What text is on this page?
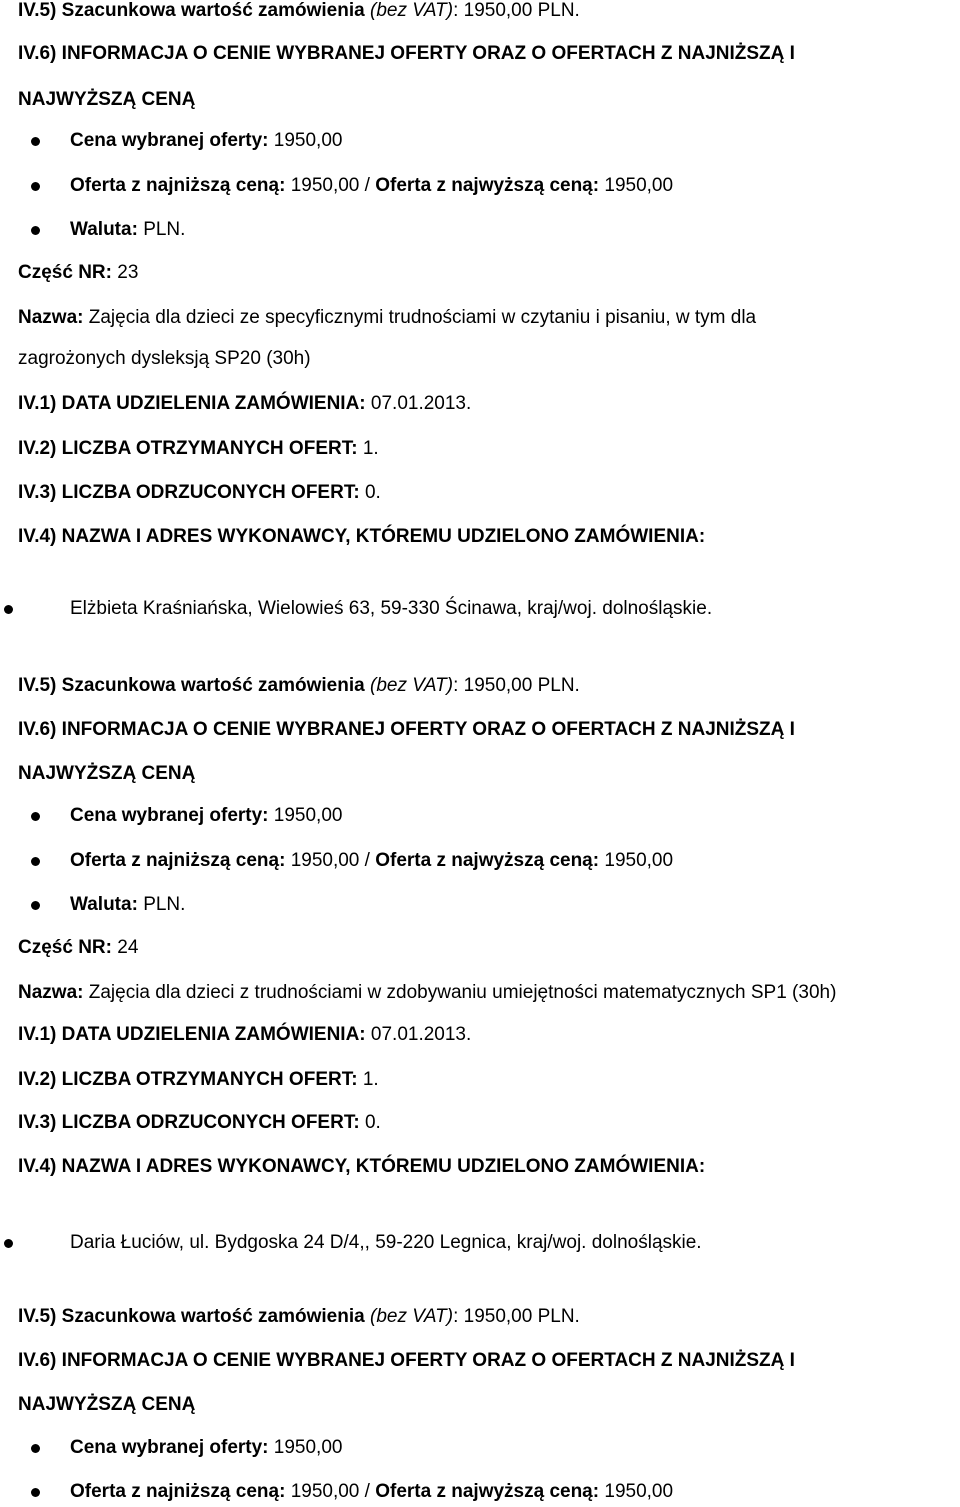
IV.5) Szacunkowa wartość zamówienia (bez VAT): 1950,00 PLN.
IV.6) INFORMACJA O CENIE WYBRANEJ OFERTY ORAZ O OFERTACH Z NAJNIŻSZĄ I
NAJWYŻSZĄ CENĄ
Cena wybranej oferty: 1950,00
Oferta z najniższą ceną: 1950,00 / Oferta z najwyższą ceną: 1950,00
Waluta: PLN.
Część NR: 23
Nazwa: Zajęcia dla dzieci ze specyficznymi trudnościami w czytaniu i pisaniu, w tym dla
zagrożonych dysleksją SP20 (30h)
IV.1) DATA UDZIELENIA ZAMÓWIENIA: 07.01.2013.
IV.2) LICZBA OTRZYMANYCH OFERT: 1.
IV.3) LICZBA ODRZUCONYCH OFERT: 0.
IV.4) NAZWA I ADRES WYKONAWCY, KTÓREMU UDZIELONO ZAMÓWIENIA:
Elżbieta Kraśniańska, Wielowieś 63, 59-330 Ścinawa, kraj/woj. dolnośląskie.
IV.5) Szacunkowa wartość zamówienia (bez VAT): 1950,00 PLN.
IV.6) INFORMACJA O CENIE WYBRANEJ OFERTY ORAZ O OFERTACH Z NAJNIŻSZĄ I
NAJWYŻSZĄ CENĄ
Cena wybranej oferty: 1950,00
Oferta z najniższą ceną: 1950,00 / Oferta z najwyższą ceną: 1950,00
Waluta: PLN.
Część NR: 24
Nazwa: Zajęcia dla dzieci z trudnościami w zdobywaniu umiejętności matematycznych SP1 (30h)
IV.1) DATA UDZIELENIA ZAMÓWIENIA: 07.01.2013.
IV.2) LICZBA OTRZYMANYCH OFERT: 1.
IV.3) LICZBA ODRZUCONYCH OFERT: 0.
IV.4) NAZWA I ADRES WYKONAWCY, KTÓREMU UDZIELONO ZAMÓWIENIA:
Daria Łuciów, ul. Bydgoska 24 D/4,, 59-220 Legnica, kraj/woj. dolnośląskie.
IV.5) Szacunkowa wartość zamówienia (bez VAT): 1950,00 PLN.
IV.6) INFORMACJA O CENIE WYBRANEJ OFERTY ORAZ O OFERTACH Z NAJNIŻSZĄ I
NAJWYŻSZĄ CENĄ
Cena wybranej oferty: 1950,00
Oferta z najniższą ceną: 1950,00 / Oferta z najwyższą ceną: 1950,00
